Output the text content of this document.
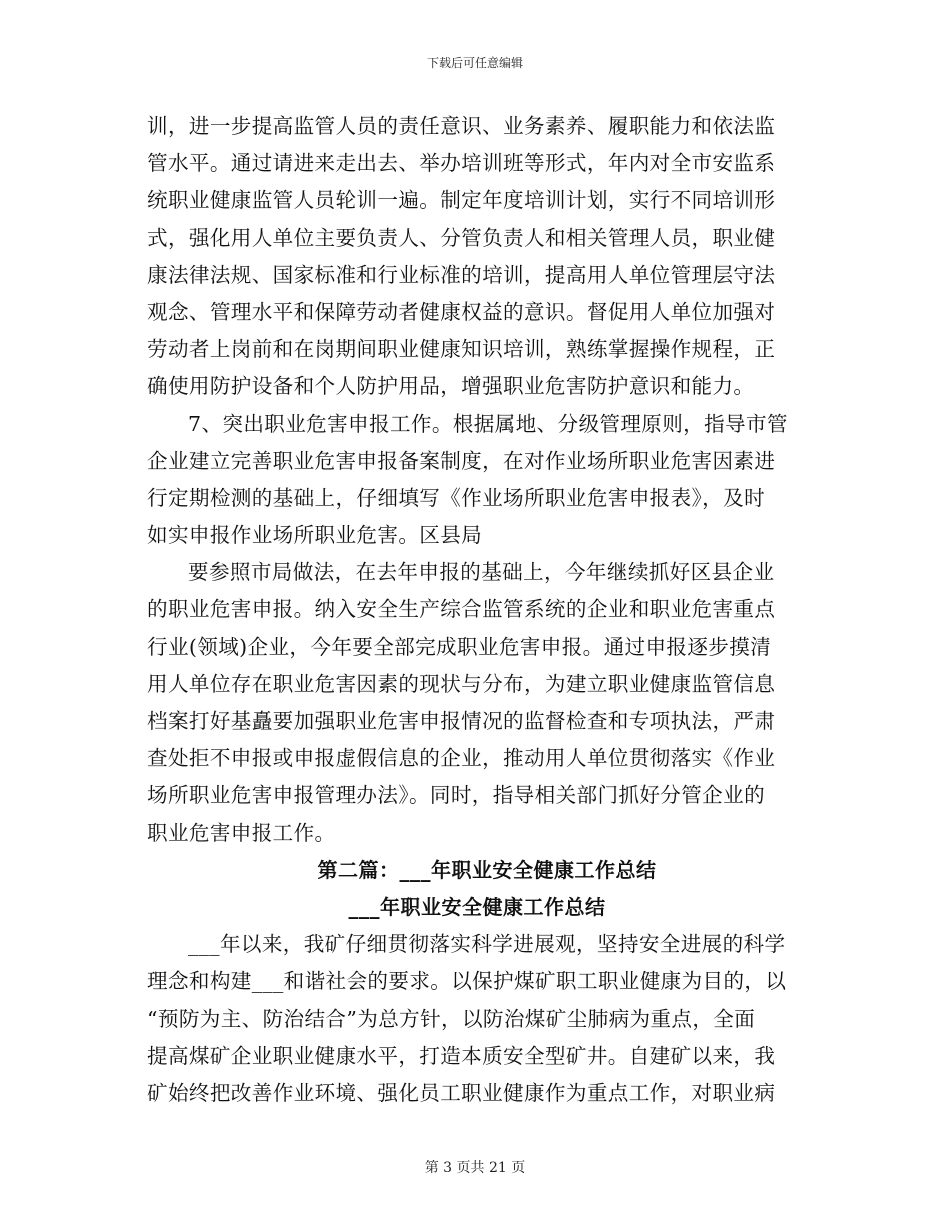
下载后可任意编辑
训，进一步提高监管人员的责任意识、业务素养、履职能力和依法监
管水平。通过请进来走出去、举办培训班等形式，年内对全市安监系
统职业健康监管人员轮训一遍。制定年度培训计划，实行不同培训形
式，强化用人单位主要负责人、分管负责人和相关管理人员，职业健
康法律法规、国家标准和行业标准的培训，提高用人单位管理层守法
观念、管理水平和保障劳动者健康权益的意识。督促用人单位加强对
劳动者上岗前和在岗期间职业健康知识培训，熟练掌握操作规程，正
确使用防护设备和个人防护用品，增强职业危害防护意识和能力。
7、突出职业危害申报工作。根据属地、分级管理原则，指导市管
企业建立完善职业危害申报备案制度，在对作业场所职业危害因素进
行定期检测的基础上，仔细填写《作业场所职业危害申报表》，及时
如实申报作业场所职业危害。区县局
要参照市局做法，在去年申报的基础上，今年继续抓好区县企业
的职业危害申报。纳入安全生产综合监管系统的企业和职业危害重点
行业(领域)企业，今年要全部完成职业危害申报。通过申报逐步摸清
用人单位存在职业危害因素的现状与分布，为建立职业健康监管信息
档案打好基矗要加强职业危害申报情况的监督检查和专项执法，严肃
查处拒不申报或申报虚假信息的企业，推动用人单位贯彻落实《作业
场所职业危害申报管理办法》。同时，指导相关部门抓好分管企业的
职业危害申报工作。
第二篇：___年职业安全健康工作总结
___年职业安全健康工作总结
___年以来，我矿仔细贯彻落实科学进展观，坚持安全进展的科学
理念和构建___和谐社会的要求。以保护煤矿职工职业健康为目的，以
“预防为主、防治结合”为总方针，以防治煤矿尘肺病为重点，全面
提高煤矿企业职业健康水平，打造本质安全型矿井。自建矿以来，我
矿始终把改善作业环境、强化员工职业健康作为重点工作，对职业病
第 3 页共 21 页
